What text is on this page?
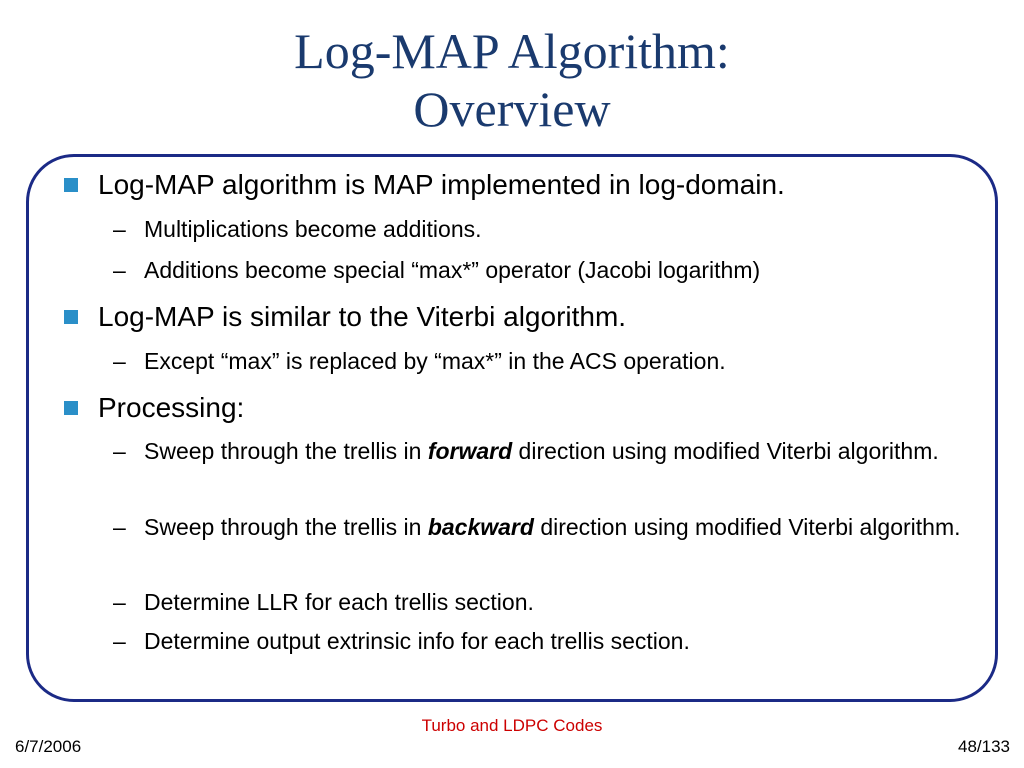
Log-MAP Algorithm:
Overview
Log-MAP algorithm is MAP implemented in log-domain.
– Multiplications become additions.
– Additions become special “max*” operator (Jacobi logarithm)
Log-MAP is similar to the Viterbi algorithm.
– Except “max” is replaced by “max*” in the ACS operation.
Processing:
– Sweep through the trellis in forward direction using modified Viterbi algorithm.
– Sweep through the trellis in backward direction using modified Viterbi algorithm.
– Determine LLR for each trellis section.
– Determine output extrinsic info for each trellis section.
Turbo and LDPC Codes
6/7/2006	48/133
